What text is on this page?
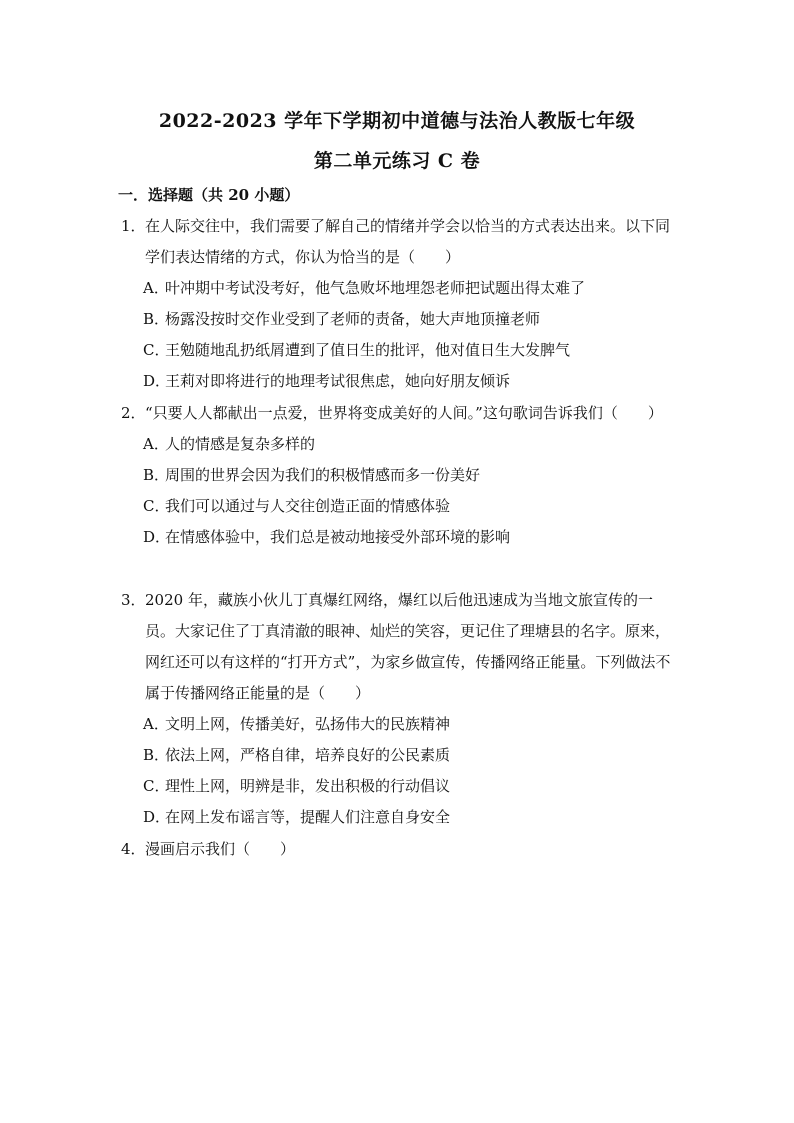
2022-2023 学年下学期初中道德与法治人教版七年级
第二单元练习 C 卷
一．选择题（共 20 小题）
1．在人际交往中，我们需要了解自己的情绪并学会以恰当的方式表达出来。以下同学们表达情绪的方式，你认为恰当的是（　　）
A．叶冲期中考试没考好，他气急败坏地埋怨老师把试题出得太难了
B．杨露没按时交作业受到了老师的责备，她大声地顶撞老师
C．王勉随地乱扔纸屑遭到了值日生的批评，他对值日生大发脾气
D．王莉对即将进行的地理考试很焦虑，她向好朋友倾诉
2．“只要人人都献出一点爱，世界将变成美好的人间。”这句歌词告诉我们（　　）
A．人的情感是复杂多样的
B．周围的世界会因为我们的积极情感而多一份美好
C．我们可以通过与人交往创造正面的情感体验
D．在情感体验中，我们总是被动地接受外部环境的影响
3．2020 年，藏族小伙儿丁真爆红网络，爆红以后他迅速成为当地文旅宣传的一员。大家记住了丁真清澈的眼神、灿烂的笑容，更记住了理塘县的名字。原来，网红还可以有这样的“打开方式”，为家乡做宣传，传播网络正能量。下列做法不属于传播网络正能量的是（　　）
A．文明上网，传播美好，弘扬伟大的民族精神
B．依法上网，严格自律，培养良好的公民素质
C．理性上网，明辨是非，发出积极的行动倡议
D．在网上发布谣言等，提醒人们注意自身安全
4．漫画启示我们（　　）
